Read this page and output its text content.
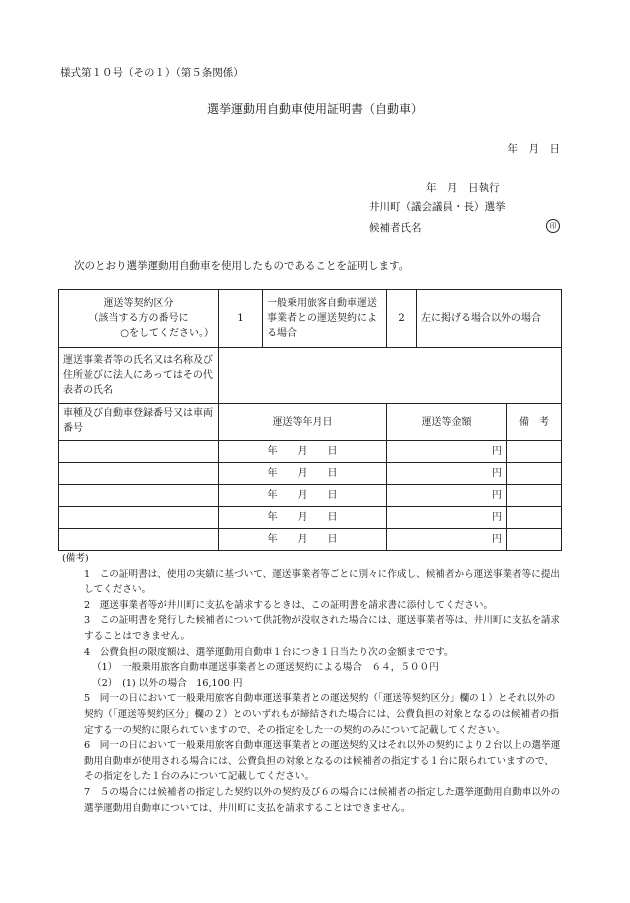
様式第１０号（その１）（第５条関係）
選挙運動用自動車使用証明書（自動車）
年　月　日
年　月　日執行
井川町（議会議員・長）選挙
候補者氏名	印
次のとおり選挙運動用自動車を使用したものであることを証明します。
運送等契約区分
（該当する方の番号に
○をしてください。）	1	一般乗用旅客自動車運送事業者との運送契約による場合	2	左に掲げる場合以外の場合	
運送事業者等の氏名又は名称及び住所並びに法人にあってはその代表者の氏名					
車種及び自動車登録番号又は車両番号	運送等年月日		運送等金額		備　考
	年　　月　　日		円		
	年　　月　　日		円		
	年　　月　　日		円		
	年　　月　　日		円		
	年　　月　　日		円		
(備考)
1　この証明書は、使用の実績に基づいて、運送事業者等ごとに別々に作成し、候補者から運送事業者等に提出してください。
2　運送事業者等が井川町に支払を請求するときは、この証明書を請求書に添付してください。
3　この証明書を発行した候補者について供託物が没収された場合には、運送事業者等は、井川町に支払を請求することはできません。
4　公費負担の限度額は、選挙運動用自動車１台につき１日当たり次の金額までです。
（1）　一般乗用旅客自動車運送事業者との運送契約による場合　６４，５００円
（2）　(1) 以外の場合　16,100 円
5　同一の日において一般乗用旅客自動車運送事業者との運送契約（「運送等契約区分」欄の１）とそれ以外の契約（「運送等契約区分」欄の２）とのいずれもが締結された場合には、公費負担の対象となるのは候補者の指定する一の契約に限られていますので、その指定をした一の契約のみについて記載してください。
6　同一の日において一般乗用旅客自動車運送事業者との運送契約又はそれ以外の契約により２台以上の選挙運動用自動車が使用される場合には、公費負担の対象となるのは候補者の指定する１台に限られていますので、その指定をした１台のみについて記載してください。
7　５の場合には候補者の指定した契約以外の契約及び６の場合には候補者の指定した選挙運動用自動車以外の選挙運動用自動車については、井川町に支払を請求することはできません。
